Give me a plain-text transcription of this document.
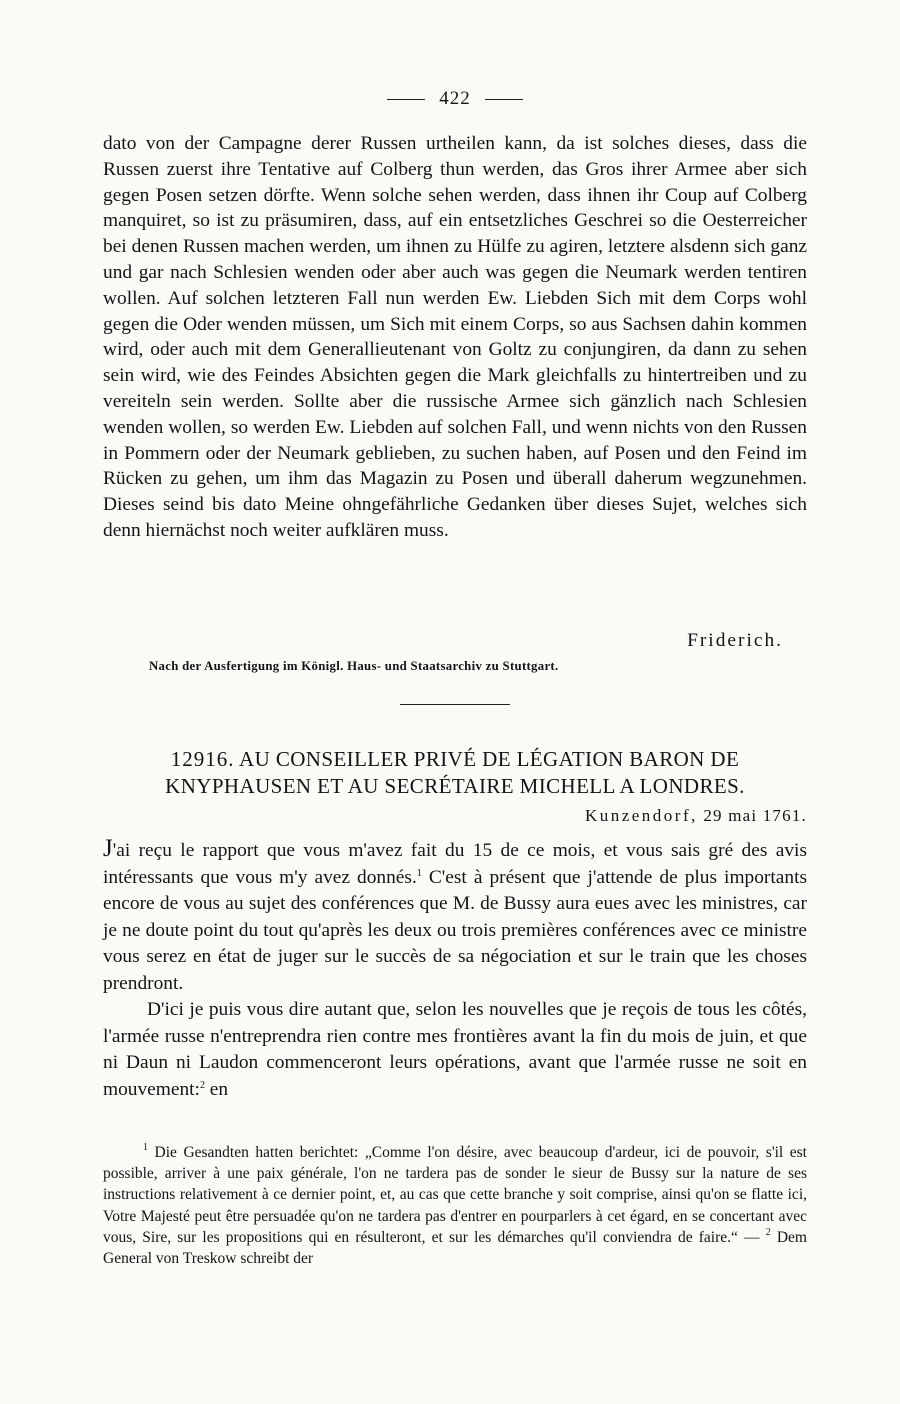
422

dato von der Campagne derer Russen urtheilen kann, da ist solches dieses, dass die Russen zuerst ihre Tentative auf Colberg thun werden, das Gros ihrer Armee aber sich gegen Posen setzen dörfte. Wenn solche sehen werden, dass ihnen ihr Coup auf Colberg manquiret, so ist zu präsumiren, dass, auf ein entsetzliches Geschrei so die Oesterreicher bei denen Russen machen werden, um ihnen zu Hülfe zu agiren, letztere alsdenn sich ganz und gar nach Schlesien wenden oder aber auch was gegen die Neumark werden tentiren wollen. Auf solchen letzteren Fall nun werden Ew. Liebden Sich mit dem Corps wohl gegen die Oder wenden müssen, um Sich mit einem Corps, so aus Sachsen dahin kommen wird, oder auch mit dem Generallieutenant von Goltz zu conjungiren, da dann zu sehen sein wird, wie des Feindes Absichten gegen die Mark gleichfalls zu hintertreiben und zu vereiteln sein werden. Sollte aber die russische Armee sich gänzlich nach Schlesien wenden wollen, so werden Ew. Liebden auf solchen Fall, und wenn nichts von den Russen in Pommern oder der Neumark geblieben, zu suchen haben, auf Posen und den Feind im Rücken zu gehen, um ihm das Magazin zu Posen und überall daherum wegzunehmen. Dieses seind bis dato Meine ohngefährliche Gedanken über dieses Sujet, welches sich denn hiernächst noch weiter aufklären muss.

Friderich.
Nach der Ausfertigung im Königl. Haus- und Staatsarchiv zu Stuttgart.
12916. AU CONSEILLER PRIVÉ DE LÉGATION BARON DE
KNYPHAUSEN ET AU SECRÉTAIRE MICHELL A LONDRES.
Kunzendorf, 29 mai 1761.

J'ai reçu le rapport que vous m'avez fait du 15 de ce mois, et vous sais gré des avis intéressants que vous m'y avez donnés.$^1$ C'est à présent que j'attende de plus importants encore de vous au sujet des conférences que M. de Bussy aura eues avec les ministres, car je ne doute point du tout qu'après les deux ou trois premières conférences avec ce ministre vous serez en état de juger sur le succès de sa négociation et sur le train que les choses prendront.

D'ici je puis vous dire autant que, selon les nouvelles que je reçois de tous les côtés, l'armée russe n'entreprendra rien contre mes frontières avant la fin du mois de juin, et que ni Daun ni Laudon commenceront leurs opérations, avant que l'armée russe ne soit en mouvement:$^2$ en

$^1$ Die Gesandten hatten berichtet: „Comme l'on désire, avec beaucoup d'ardeur, ici de pouvoir, s'il est possible, arriver à une paix générale, l'on ne tardera pas de sonder le sieur de Bussy sur la nature de ses instructions relativement à ce dernier point, et, au cas que cette branche y soit comprise, ainsi qu'on se flatte ici, Votre Majesté peut être persuadée qu'on ne tardera pas d'entrer en pourparlers à cet égard, en se concertant avec vous, Sire, sur les propositions qui en résulteront, et sur les démarches qu'il conviendra de faire.“ — $^2$ Dem General von Treskow schreibt der
